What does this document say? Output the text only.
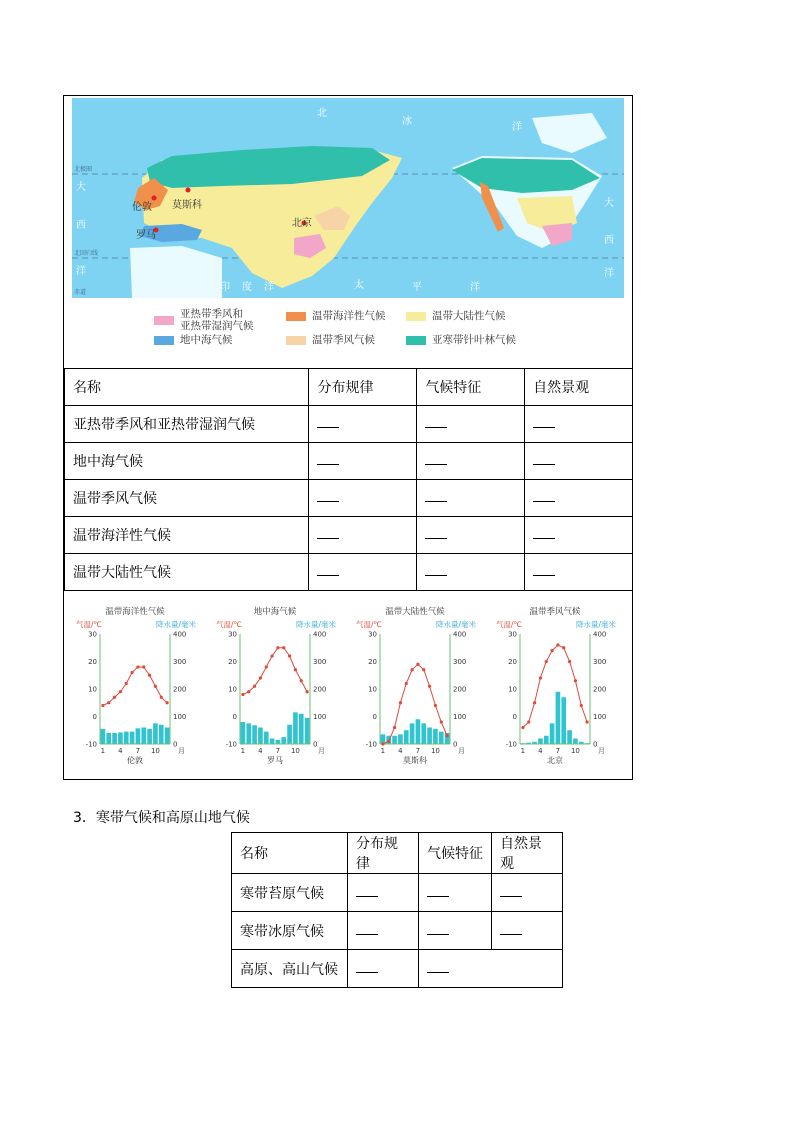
北
冰
洋
大
西
洋
大
西
洋
印 度 洋	太	平	洋
北极圈
北回归线
赤道
伦敦 莫斯科
北京
罗马
亚热带季风和
亚热带湿润气候
温带海洋性气候	温带大陆性气候
地中海气候	温带季风气候	亚寒带针叶林气候
名称	分布规律	气候特征	自然景观
亚热带季风和亚热带湿润气候			
地中海气候			
温带季风气候			
温带海洋性气候			
温带大陆性气候			
温带海洋性气候
气温/℃	降水量/毫米
30
20
10
0
-10
400
300
200
100
0
1 4 7 10	月
伦敦
地中海气候
气温/℃	降水量/毫米
30
20
10
0
-10
400
300
200
100
0
1 4 7 10	月
罗马
温带大陆性气候
气温/℃	降水量/毫米
30
20
10
0
-10
400
300
200
100
0
1 4 7 10	月
莫斯科
温带季风气候
气温/℃	降水量/毫米
30
20
10
0
-10
400
300
200
100
0
1 4 7 10	月
北京
3．寒带气候和高原山地气候
名称	分布规律	气候特征	自然景观
寒带苔原气候			
寒带冰原气候			
高原、高山气候			
